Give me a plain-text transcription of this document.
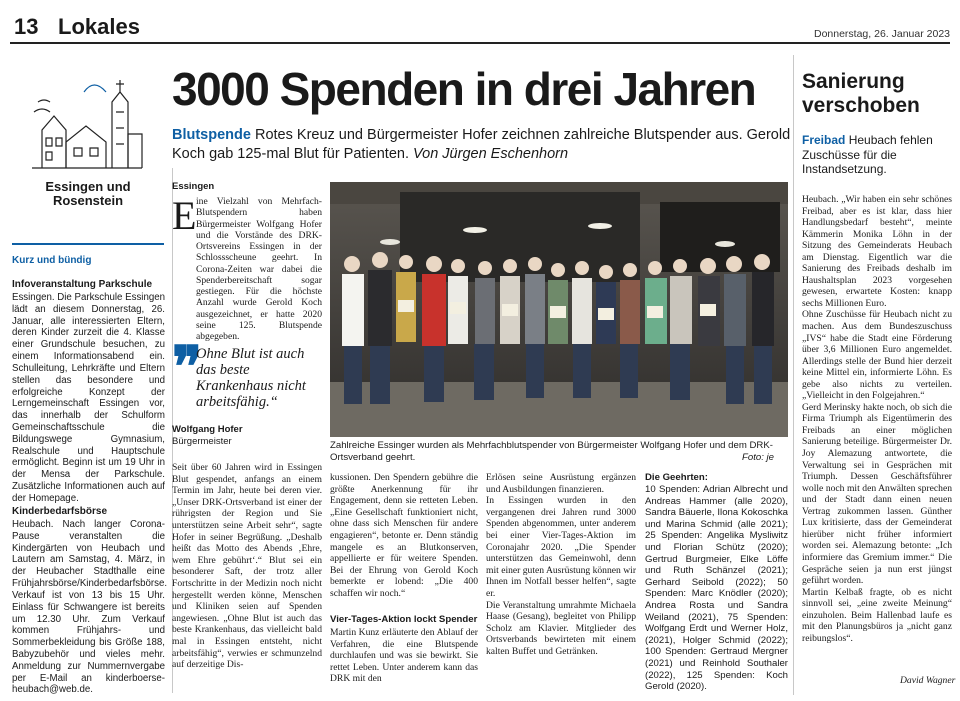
13 Lokales	Donnerstag, 26. Januar 2023
Essingen und Rosenstein
Kurz und bündig
Infoveranstaltung Parkschule
Essingen. Die Parkschule Essingen lädt an diesem Donnerstag, 26. Januar, alle interessierten Eltern, deren Kinder zurzeit die 4. Klasse einer Grundschule besuchen, zu einem Informationsabend ein. Schulleitung, Lehrkräfte und Eltern stellen das besondere und erfolgreiche Konzept der Lerngemeinschaft Essingen vor, das innerhalb der Schulform Gemeinschaftsschule die Bildungswege Gymnasium, Realschule und Hauptschule ermöglicht. Beginn ist um 19 Uhr in der Mensa der Parkschule. Zusätzliche Informationen auch auf der Homepage.
Kinderbedarfsbörse
Heubach. Nach langer Corona-Pause veranstalten die Kindergärten von Heubach und Lautern am Samstag, 4. März, in der Heubacher Stadthalle eine Frühjahrsbörse/Kinderbedarfsbörse. Verkauf ist von 13 bis 15 Uhr. Einlass für Schwangere ist bereits um 12.30 Uhr. Zum Verkauf kommen Frühjahrs- und Sommerbekleidung bis Größe 188, Babyzubehör und vieles mehr. Anmeldung zur Nummernvergabe per E-Mail an kinderboerse-heubach@web.de.
3000 Spenden in drei Jahren
Blutspende Rotes Kreuz und Bürgermeister Hofer zeichnen zahlreiche Blutspender aus. Gerold Koch gab 125-mal Blut für Patienten. Von Jürgen Eschenhorn
Essingen
E ine Vielzahl von Mehrfach-Blutspendern haben Bürgermeister Wolfgang Hofer und die Vorstände des DRK-Ortsvereins Essingen in der Schlossscheune geehrt. In Corona-Zeiten war dabei die Spenderbereitschaft sogar gestiegen. Für die höchste Anzahl wurde Gerold Koch ausgezeichnet, er hatte 2020 seine 125. Blutspende abgegeben.
❞
Ohne Blut ist auch das beste Krankenhaus nicht arbeitsfähig.“
Wolfgang Hofer
Bürgermeister	Zahlreiche Essinger wurden als Mehrfachblutspender von Bürgermeister Wolfgang Hofer und dem DRK-Ortsverband geehrt.	Foto: je
Seit über 60 Jahren wird in Essingen Blut gespendet, anfangs an einem Termin im Jahr, heute bei deren vier. „Unser DRK-Ortsverband ist einer der rührigsten der Region und Sie unterstützen seine Arbeit sehr“, sagte Hofer in seiner Begrüßung. „Deshalb heißt das Motto des Abends ‚Ehre, wem Ehre gebührt‘.“ Blut sei ein besonderer Saft, der trotz aller Fortschritte in der Medizin noch nicht hergestellt werden könne, Menschen und Kliniken seien auf Spenden angewiesen. „Ohne Blut ist auch das beste Krankenhaus, das vielleicht bald mal in Essingen entsteht, nicht arbeitsfähig“, verwies er schmunzelnd auf derzeitige Dis-
kussionen. Den Spendern gebühre die größte Anerkennung für ihr Engagement, denn sie retteten Leben. „Eine Gesellschaft funktioniert nicht, ohne dass sich Menschen für andere engagieren“, betonte er. Denn ständig mangele es an Blutkonserven, appellierte er für weitere Spenden. Bei der Ehrung von Gerold Koch bemerkte er lobend: „Die 400 schaffen wir noch.“
Vier-Tages-Aktion lockt Spender
Martin Kunz erläuterte den Ablauf der Verfahren, die eine Blutspende durchlaufen und was sie bewirkt. Sie rettet Leben. Unter anderem kann das DRK mit den
Erlösen seine Ausrüstung ergänzen und Ausbildungen finanzieren.
In Essingen wurden in den vergangenen drei Jahren rund 3000 Spenden abgenommen, unter anderem bei einer Vier-Tages-Aktion im Coronajahr 2020. „Die Spender unterstützen das Gemeinwohl, denn mit einer guten Ausrüstung können wir Ihnen im Notfall besser helfen“, sagte er.
Die Veranstaltung umrahmte Michaela Haase (Gesang), begleitet von Philipp Scholz am Klavier. Mitglieder des Ortsverbands bewirteten mit einem kalten Buffet und Getränken.
Die Geehrten:
10 Spenden: Adrian Albrecht und Andreas Hammer (alle 2020), Sandra Bäuerle, Ilona Kokoschka und Marina Schmid (alle 2021); 25 Spenden: Angelika Mysliwitz und Florian Schütz (2020); Gertrud Burgmeier, Elke Löffe und Ruth Schänzel (2021); Gerhard Seibold (2022); 50 Spenden: Marc Knödler (2020); Andrea Rosta und Sandra Weiland (2021), 75 Spenden: Wolfgang Erdt und Werner Holz, (2021), Holger Schmid (2022); 100 Spenden: Gertraud Mergner (2021) und Reinhold Southaler (2022), 125 Spenden: Koch Gerold (2020).
Sanierung verschoben
Freibad Heubach fehlen Zuschüsse für die Instandsetzung.
Heubach. „Wir haben ein sehr schönes Freibad, aber es ist klar, dass hier Handlungsbedarf besteht“, meinte Kämmerin Monika Löhn in der Sitzung des Gemeinderats Heubach am Dienstag. Eigentlich war die Sanierung des Freibads deshalb im Haushaltsplan 2023 vorgesehen gewesen, erwartete Kosten: knapp sechs Millionen Euro.
Ohne Zuschüsse für Heubach nicht zu machen. Aus dem Bundeszuschuss „IVS“ habe die Stadt eine Förderung über 3,6 Millionen Euro angemeldet. Allerdings stelle der Bund hier derzeit keine Mittel ein, informierte Löhn. Es gebe also nichts zu verteilen. „Vielleicht in den Folgejahren.“
Gerd Merinsky hakte noch, ob sich die Firma Triumph als Eigentümerin des Freibads an einer möglichen Sanierung beteilige. Bürgermeister Dr. Joy Alemazung antwortete, die Verwaltung sei in Gesprächen mit Triumph. Dessen Geschäftsführer wolle noch mit den Anwälten sprechen und der Stadt dann einen neuen Vertrag zukommen lassen. Günther Lux kritisierte, dass der Gemeinderat hierüber nicht früher informiert worden sei. Alemazung betonte: „Ich informiere das Gremium immer.“ Die Gespräche seien ja nun erst jüngst geführt worden.
Martin Kelbaß fragte, ob es nicht sinnvoll sei, „eine zweite Meinung“ einzuholen. Beim Hallenbad laufe es mit den Planungsbüros ja „nicht ganz reibungslos“.
David Wagner
